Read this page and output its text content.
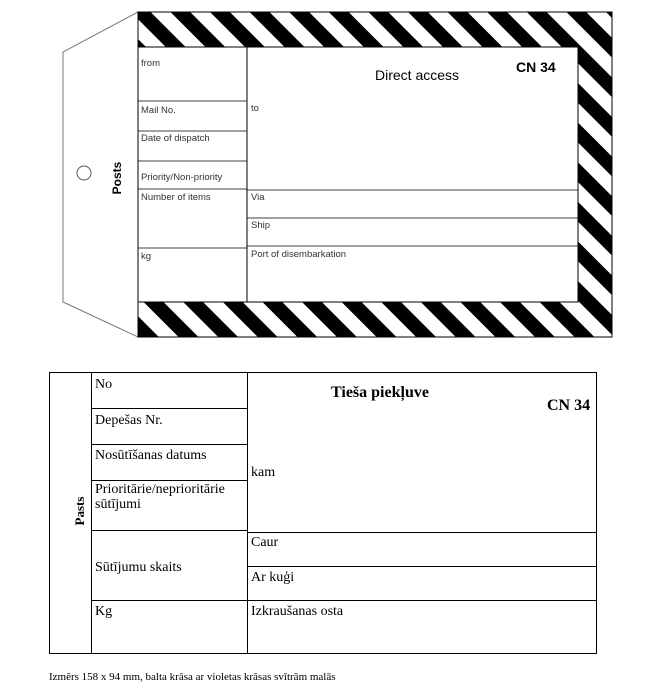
from
Mail No.
Date of dispatch
Priority/Non-priority
Number of items
kg
to
Via
Ship
Port of disembarkation
Direct access	CN 34
Posts
No
Depešas Nr.
Nosūtīšanas datums
Prioritārie/neprioritārie sūtījumi
Sūtījumu skaits
Kg
kam
Caur
Ar kuģi
Izkraušanas osta
Tiešа piekļuve
CN 34
Pasts
Izmērs 158 x 94 mm, balta krāsa ar violetas krāsas svītrām malās
